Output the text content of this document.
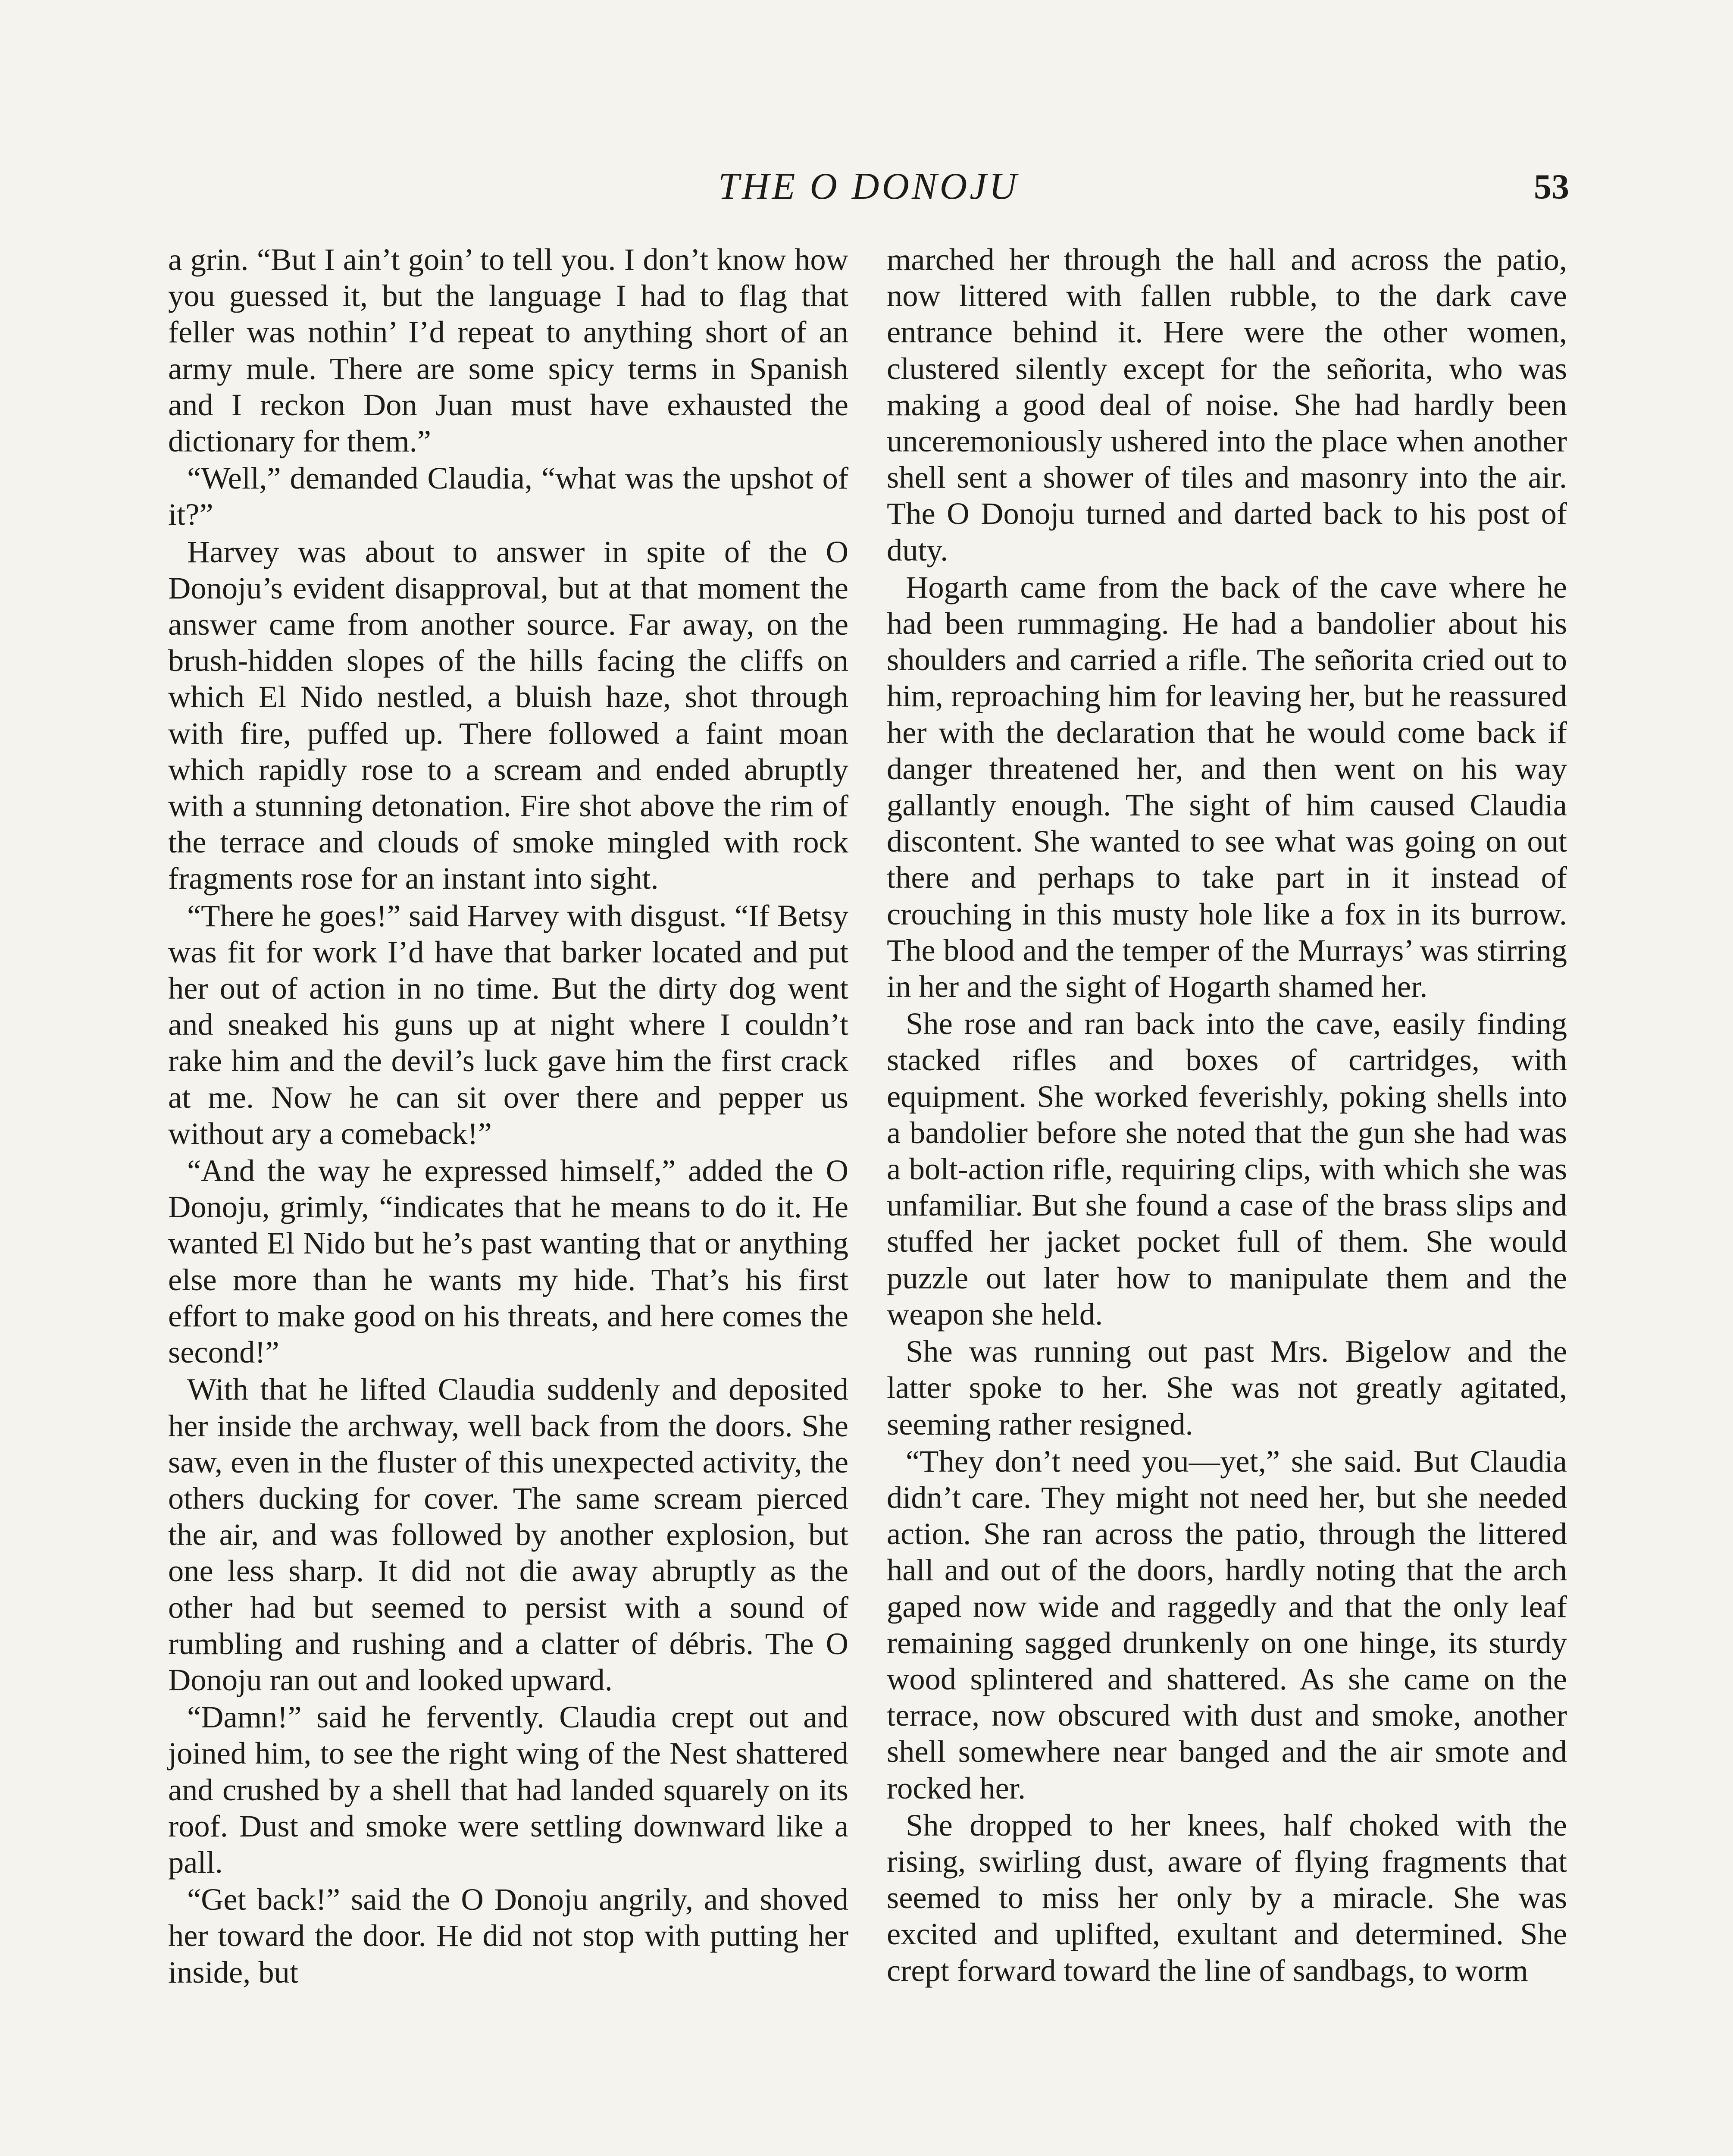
THE O DONOJU	53

a grin. “But I ain’t goin’ to tell you. I don’t know how you guessed it, but the language I had to flag that feller was nothin’ I’d repeat to anything short of an army mule. There are some spicy terms in Spanish and I reckon Don Juan must have exhausted the dictionary for them.”

“Well,” demanded Claudia, “what was the upshot of it?”

Harvey was about to answer in spite of the O Donoju’s evident disapproval, but at that moment the answer came from another source. Far away, on the brush-hidden slopes of the hills facing the cliffs on which El Nido nestled, a bluish haze, shot through with fire, puffed up. There followed a faint moan which rapidly rose to a scream and ended abruptly with a stunning detonation. Fire shot above the rim of the terrace and clouds of smoke mingled with rock fragments rose for an instant into sight.

“There he goes!” said Harvey with disgust. “If Betsy was fit for work I’d have that barker located and put her out of action in no time. But the dirty dog went and sneaked his guns up at night where I couldn’t rake him and the devil’s luck gave him the first crack at me. Now he can sit over there and pepper us without ary a comeback!”

“And the way he expressed himself,” added the O Donoju, grimly, “indicates that he means to do it. He wanted El Nido but he’s past wanting that or anything else more than he wants my hide. That’s his first effort to make good on his threats, and here comes the second!”

With that he lifted Claudia suddenly and deposited her inside the archway, well back from the doors. She saw, even in the fluster of this unexpected activity, the others ducking for cover. The same scream pierced the air, and was followed by another explosion, but one less sharp. It did not die away abruptly as the other had but seemed to persist with a sound of rumbling and rushing and a clatter of débris. The O Donoju ran out and looked upward.

“Damn!” said he fervently. Claudia crept out and joined him, to see the right wing of the Nest shattered and crushed by a shell that had landed squarely on its roof. Dust and smoke were settling downward like a pall.

“Get back!” said the O Donoju angrily, and shoved her toward the door. He did not stop with putting her inside, but

marched her through the hall and across the patio, now littered with fallen rubble, to the dark cave entrance behind it. Here were the other women, clustered silently except for the señorita, who was making a good deal of noise. She had hardly been unceremoniously ushered into the place when another shell sent a shower of tiles and masonry into the air. The O Donoju turned and darted back to his post of duty.

Hogarth came from the back of the cave where he had been rummaging. He had a bandolier about his shoulders and carried a rifle. The señorita cried out to him, reproaching him for leaving her, but he reassured her with the declaration that he would come back if danger threatened her, and then went on his way gallantly enough. The sight of him caused Claudia discontent. She wanted to see what was going on out there and perhaps to take part in it instead of crouching in this musty hole like a fox in its burrow. The blood and the temper of the Murrays’ was stirring in her and the sight of Hogarth shamed her.

She rose and ran back into the cave, easily finding stacked rifles and boxes of cartridges, with equipment. She worked feverishly, poking shells into a bandolier before she noted that the gun she had was a bolt-action rifle, requiring clips, with which she was unfamiliar. But she found a case of the brass slips and stuffed her jacket pocket full of them. She would puzzle out later how to manipulate them and the weapon she held.

She was running out past Mrs. Bigelow and the latter spoke to her. She was not greatly agitated, seeming rather resigned.

“They don’t need you—yet,” she said. But Claudia didn’t care. They might not need her, but she needed action. She ran across the patio, through the littered hall and out of the doors, hardly noting that the arch gaped now wide and raggedly and that the only leaf remaining sagged drunkenly on one hinge, its sturdy wood splintered and shattered. As she came on the terrace, now obscured with dust and smoke, another shell somewhere near banged and the air smote and rocked her.

She dropped to her knees, half choked with the rising, swirling dust, aware of flying fragments that seemed to miss her only by a miracle. She was excited and uplifted, exultant and determined. She crept forward toward the line of sandbags, to worm
